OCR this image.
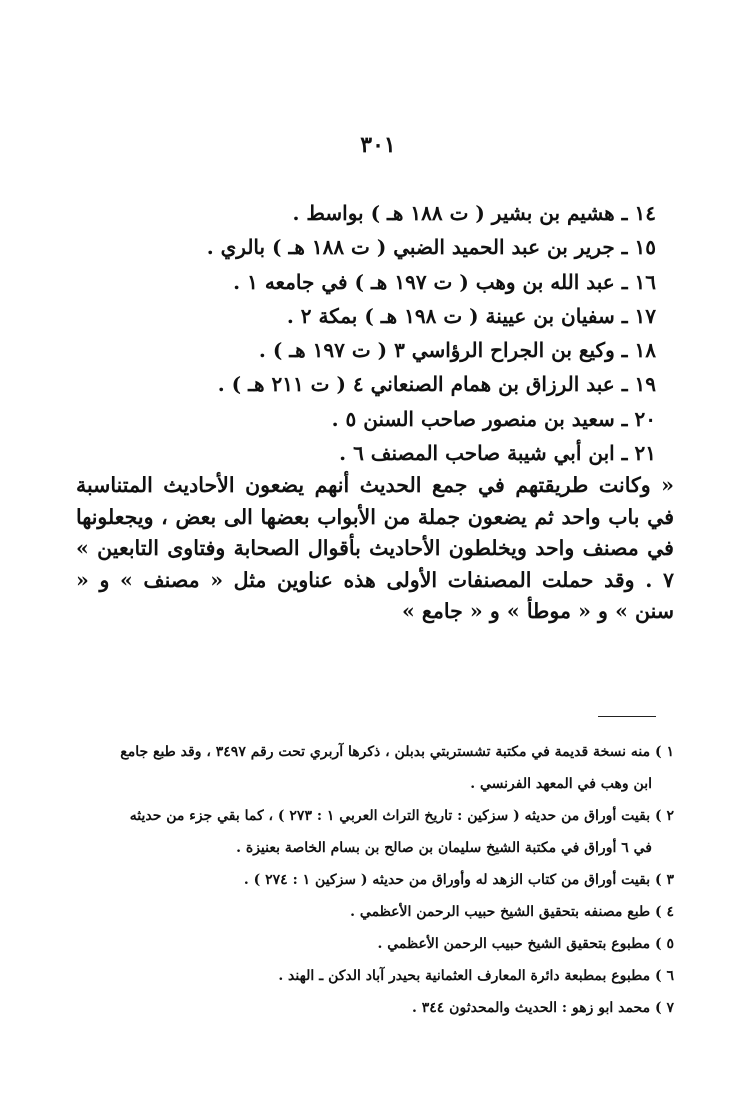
٣٠١
١٤ ـ هشيم بن بشير ( ت ١٨٨ هـ ) بواسط .
١٥ ـ جرير بن عبد الحميد الضبي ( ت ١٨٨ هـ ) بالري .
١٦ ـ عبد الله بن وهب ( ت ١٩٧ هـ ) في جامعه ١ .
١٧ ـ سفيان بن عيينة ( ت ١٩٨ هـ ) بمكة ٢ .
١٨ ـ وكيع بن الجراح الرؤاسي ٣ ( ت ١٩٧ هـ ) .
١٩ ـ عبد الرزاق بن همام الصنعاني ٤ ( ت ٢١١ هـ ) .
٢٠ ـ سعيد بن منصور صاحب السنن ٥ .
٢١ ـ ابن أبي شيبة صاحب المصنف ٦ .

« وكانت طريقتهم في جمع الحديث أنهم يضعون الأحاديث المتناسبة في باب واحد ثم يضعون جملة من الأبواب بعضها الى بعض ، ويجعلونها في مصنف واحد ويخلطون الأحاديث بأقوال الصحابة وفتاوى التابعين » ٧ . وقد حملت المصنفات الأولى هذه عناوين مثل « مصنف » و « سنن » و « موطأ » و « جامع »

١ ) منه نسخة قديمة في مكتبة تشستربتي بدبلن ، ذكرها آربري تحت رقم ٣٤٩٧ ، وقد طبع جامع
ابن وهب في المعهد الفرنسي .
٢ ) بقيت أوراق من حديثه ( سزكين : تاريخ التراث العربي ١ : ٢٧٣ ) ، كما بقي جزء من حديثه
في ٦ أوراق في مكتبة الشيخ سليمان بن صالح بن بسام الخاصة بعنيزة .
٣ ) بقيت أوراق من كتاب الزهد له وأوراق من حديثه ( سزكين ١ : ٢٧٤ ) .
٤ ) طبع مصنفه بتحقيق الشيخ حبيب الرحمن الأعظمي .
٥ ) مطبوع بتحقيق الشيخ حبيب الرحمن الأعظمي .
٦ ) مطبوع بمطبعة دائرة المعارف العثمانية بحيدر آباد الدكن ـ الهند .
٧ ) محمد ابو زهو : الحديث والمحدثون ٣٤٤ .
